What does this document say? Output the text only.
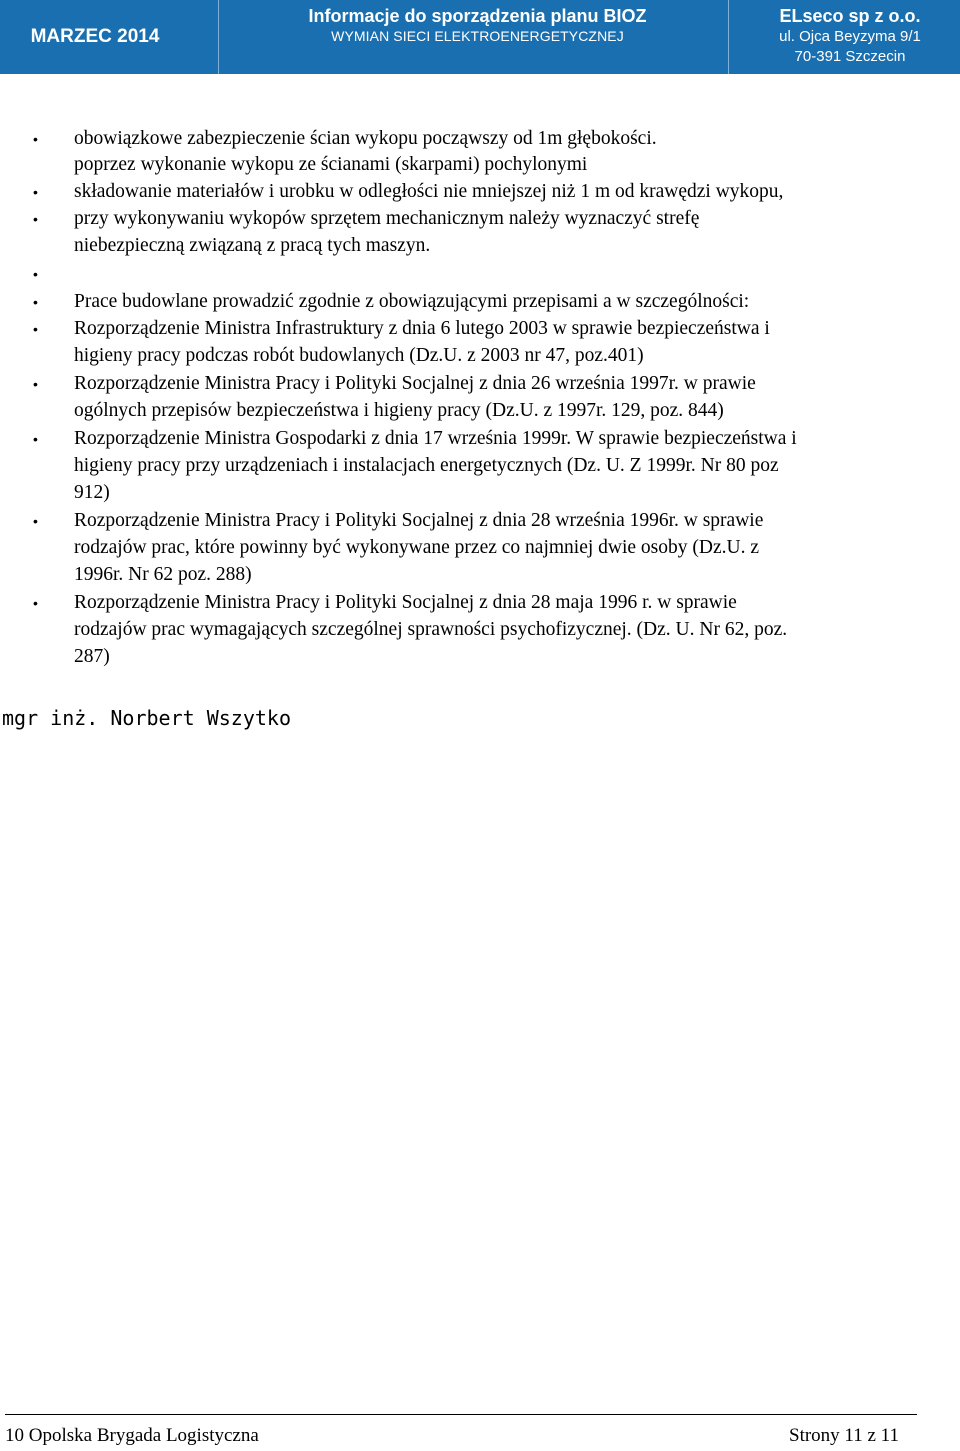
MARZEC 2014
Informacje do sporządzenia planu BIOZ
WYMIAN SIECI ELEKTROENERGETYCZNEJ
ELseco sp z o.o.
ul. Ojca Beyzyma 9/1
70-391 Szczecin
•
•
•
•
•
•
•
•
•
•
obowiązkowe zabezpieczenie ścian wykopu począwszy od 1m głębokości.
poprzez wykonanie wykopu ze ścianami (skarpami) pochylonymi
składowanie materiałów i urobku w odległości nie mniejszej niż 1 m od krawędzi wykopu,
przy wykonywaniu wykopów sprzętem mechanicznym należy wyznaczyć strefę
niebezpieczną związaną z pracą tych maszyn.
Prace budowlane prowadzić zgodnie z obowiązującymi przepisami a w szczególności:
Rozporządzenie Ministra Infrastruktury z dnia 6 lutego 2003 w sprawie bezpieczeństwa i
higieny pracy podczas robót budowlanych (Dz.U. z 2003 nr 47, poz.401)
Rozporządzenie Ministra Pracy i Polityki Socjalnej z dnia 26 września 1997r. w prawie
ogólnych przepisów bezpieczeństwa i higieny pracy (Dz.U. z 1997r. 129, poz. 844)
Rozporządzenie Ministra Gospodarki z dnia 17 września 1999r. W sprawie bezpieczeństwa i
higieny pracy przy urządzeniach i instalacjach energetycznych (Dz. U. Z 1999r. Nr 80 poz
912)
Rozporządzenie Ministra Pracy i Polityki Socjalnej z dnia 28 września 1996r. w sprawie
rodzajów prac, które powinny być wykonywane przez co najmniej dwie osoby (Dz.U. z
1996r. Nr 62 poz. 288)
Rozporządzenie Ministra Pracy i Polityki Socjalnej z dnia 28 maja 1996 r. w sprawie
rodzajów prac wymagających szczególnej sprawności psychofizycznej. (Dz. U. Nr 62, poz.
287)
mgr inż. Norbert Wszytko
10 Opolska Brygada Logistyczna	Strony 11 z 11
